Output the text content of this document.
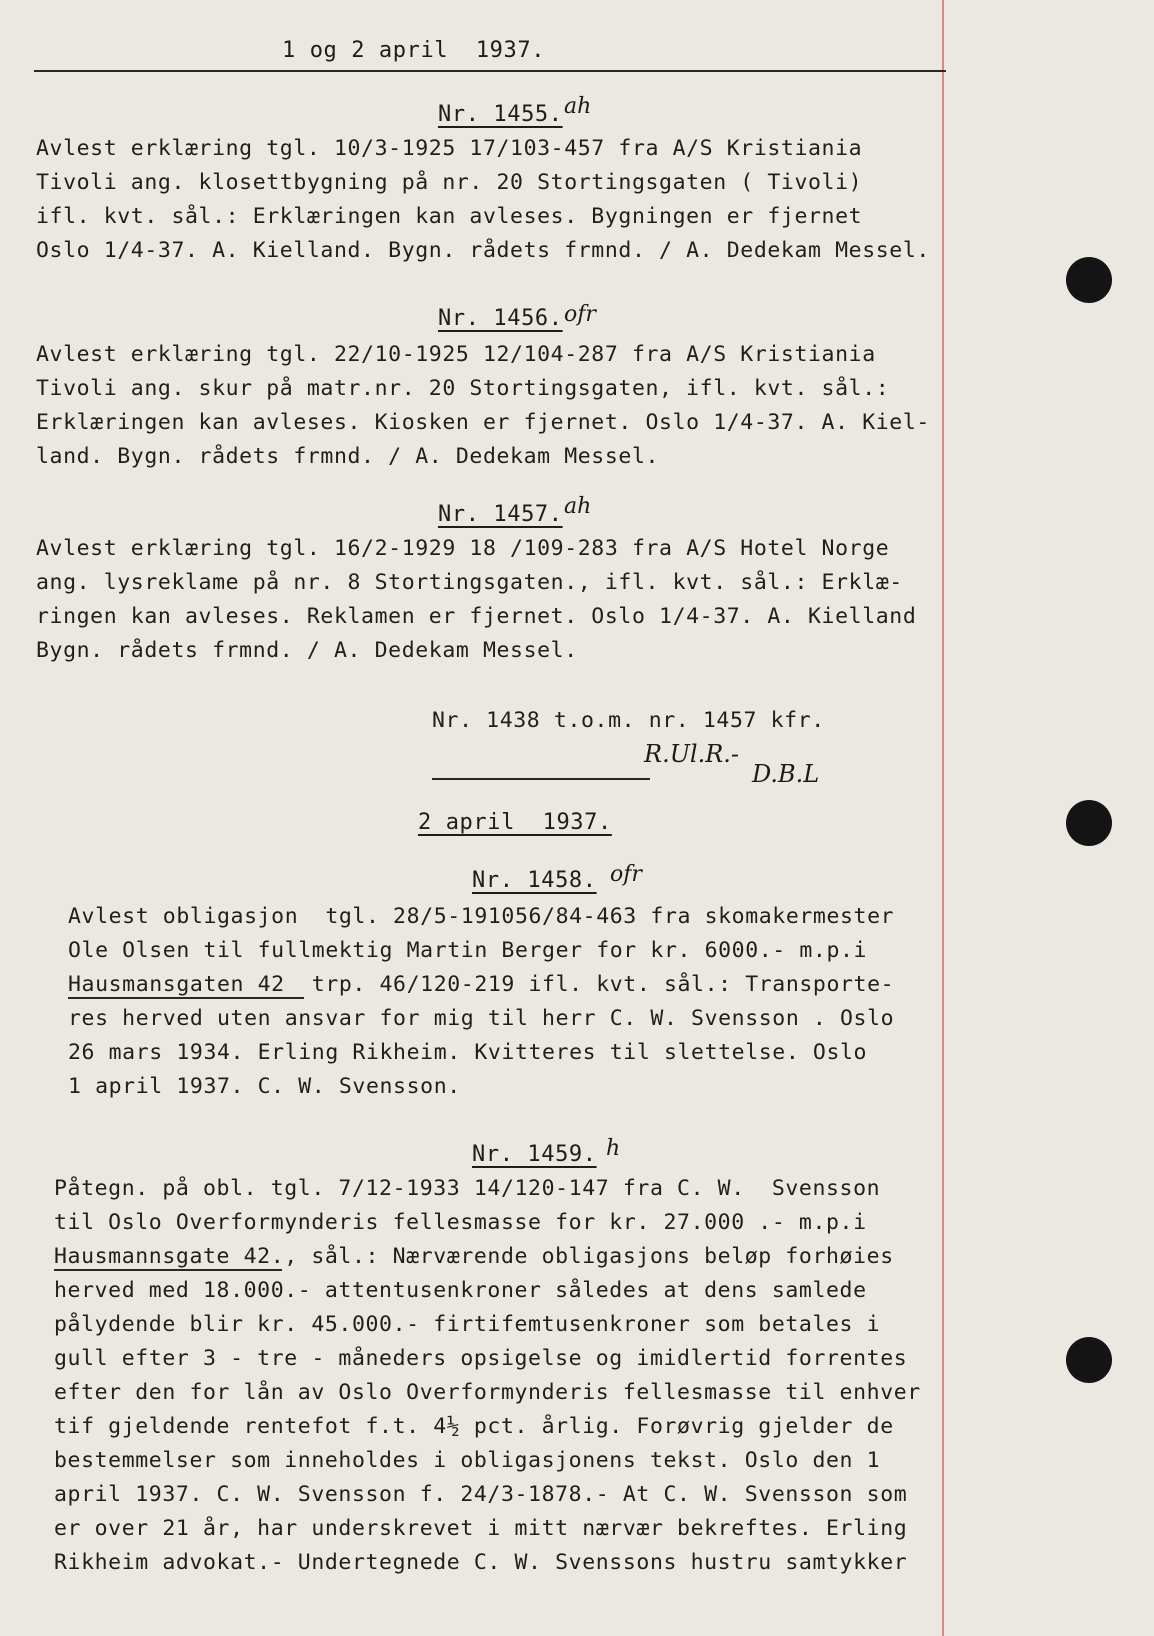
1 og 2 april  1937.
Nr. 1455. ah
Avlest erklæring tgl. 10/3-1925 17/103-457 fra A/S Kristiania
Tivoli ang. klosettbygning på nr. 20 Stortingsgaten ( Tivoli)
ifl. kvt. sål.: Erklæringen kan avleses. Bygningen er fjernet
Oslo 1/4-37. A. Kielland. Bygn. rådets frmnd. / A. Dedekam Messel.
Nr. 1456. ofr
Avlest erklæring tgl. 22/10-1925 12/104-287 fra A/S Kristiania
Tivoli ang. skur på matr.nr. 20 Stortingsgaten, ifl. kvt. sål.:
Erklæringen kan avleses. Kiosken er fjernet. Oslo 1/4-37. A. Kiel-
land. Bygn. rådets frmnd. / A. Dedekam Messel.
Nr. 1457. ah
Avlest erklæring tgl. 16/2-1929 18 /109-283 fra A/S Hotel Norge
ang. lysreklame på nr. 8 Stortingsgaten., ifl. kvt. sål.: Erklæ-
ringen kan avleses. Reklamen er fjernet. Oslo 1/4-37. A. Kielland
Bygn. rådets frmnd. / A. Dedekam Messel.
Nr. 1438 t.o.m. nr. 1457 kfr.
R.Ul.R.-
D.B.L
2 april  1937.
Nr. 1458. ofr
Avlest obligasjon  tgl. 28/5-191056/84-463 fra skomakermester
Ole Olsen til fullmektig Martin Berger for kr. 6000.- m.p.i
Hausmansgaten 42  trp. 46/120-219 ifl. kvt. sål.: Transporte-
res herved uten ansvar for mig til herr C. W. Svensson . Oslo
26 mars 1934. Erling Rikheim. Kvitteres til slettelse. Oslo
1 april 1937. C. W. Svensson.
Nr. 1459. h
Påtegn. på obl. tgl. 7/12-1933 14/120-147 fra C. W.  Svensson
til Oslo Overformynderis fellesmasse for kr. 27.000 .- m.p.i
Hausmannsgate 42., sål.: Nærværende obligasjons beløp forhøies
herved med 18.000.- attentusenkroner således at dens samlede
pålydende blir kr. 45.000.- firtifemtusenkroner som betales i
gull efter 3 - tre - måneders opsigelse og imidlertid forrentes
efter den for lån av Oslo Overformynderis fellesmasse til enhver
tif gjeldende rentefot f.t. 4½ pct. årlig. Forøvrig gjelder de
bestemmelser som inneholdes i obligasjonens tekst. Oslo den 1
april 1937. C. W. Svensson f. 24/3-1878.- At C. W. Svensson som
er over 21 år, har underskrevet i mitt nærvær bekreftes. Erling
Rikheim advokat.- Undertegnede C. W. Svenssons hustru samtykker
